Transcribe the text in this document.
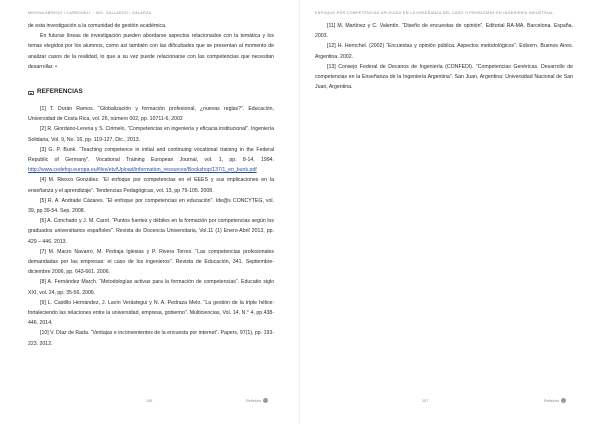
MEDINA ABREGO / CARBONELL · ING. GALLARDO / GALARZA

de esta investigación a la comunidad de gestión académica.

En futuras líneas de investigación pueden abordarse aspectos relacionados con la temática y los temas elegidos por los alumnos, como así también con las dificultades que se presentan al momento de analizar casos de la realidad, lo que a su vez puede relacionarse con las competencias que necesitan desarrollar. •

REFERENCIAS

[1] T. Durán Ramos. “Globalización y formación profesional, ¿nuevas reglas?”. Educación, Universidad de Costa Rica, vol. 26, número 002, pp. 10711-6, 2002

[2] R. Giordano-Lerena y S. Cirimelo, “Competencias en ingeniería y eficacia institucional”. Ingeniería Solidaria, Vol. 9, No. 16, pp. 119-127, Dic., 2013.

[3] G. P. Bunk. “Teaching competence in initial and continuing vocational training in the Federal Republic of Germany”. Vocational Training European Journal, vol. 1, pp. 8-14, 1994. http://www.cedefop.europa.eu/files/etv/Upload/information_resources/Bookshop/137/1_en_bunk.pdf

[4] M. Riesco González. “El enfoque por competencias en el EEES y sus implicaciones en la enseñanza y el aprendizaje”. Tendencias Pedagógicas, vol. 13, pp 79-105. 2008.

[5] R. A. Andrade Cázares. “El enfoque por competencias en educación”. Ide@s CONCYTEG, vol. 39, pp 39-54. Sep. 2008.

[6] A. Conchado y J. M. Carot. “Puntos fuertes y débiles en la formación por competencias según los graduados universitarios españoles”. Revista de Docencia Universitaria, Vol.11 (1) Enero-Abril 2013, pp. 429 – 446. 2013.

[7] M. Marzo Navarro, M. Pedraja Iglesias y P. Rivera Torres. “Las competencias profesionales demandadas por las empresas: el caso de los ingenieros”. Revista de Educación, 341. Septiembre-diciembre 2006, pp. 643-661. 2006.

[8] A. Fernández March. “Metodologías activas para la formación de competencias”. Educatio siglo XXI, vol. 24, pp. 35-56. 2006.

[9] L. Castillo Hernández, J. Lavín Verástegui y N. A. Pedraza Melo. “La gestión de la triple hélice: fortaleciendo las relaciones entre la universidad, empresa, gobierno”. Multiciencias, Vol. 14, N.° 4, pp.438-446. 2014.

[10] V. Díaz de Rada. “Ventajas e inconvenientes de la encuesta por internet”. Papers, 97(1), pp. 193-223. 2012.

106	Reflektor
ENFOQUE POR COMPETENCIAS APLICADO EN LA ENSEÑANZA DEL CASO O PROBLEMAS EN INGENIERÍA INDUSTRIAL

[11] M. Martínez y C. Valentín. “Diseño de encuestas de opinión”. Editorial RA-MA. Barcelona. España. 2003.

[12] H. Hernchel. (2002) “Encuestas y opinión pública. Aspectos metodológicos”. Edivern. Buenos Aires. Argentina. 2002.

[13] Consejo Federal de Decanos de Ingeniería (CONFEDI). “Competencias Genéricas. Desarrollo de competencias en la Enseñanza de la Ingeniería Argentina”. San Juan, Argentina: Universidad Nacional de San Juan, Argentina.

107	Reflektor
